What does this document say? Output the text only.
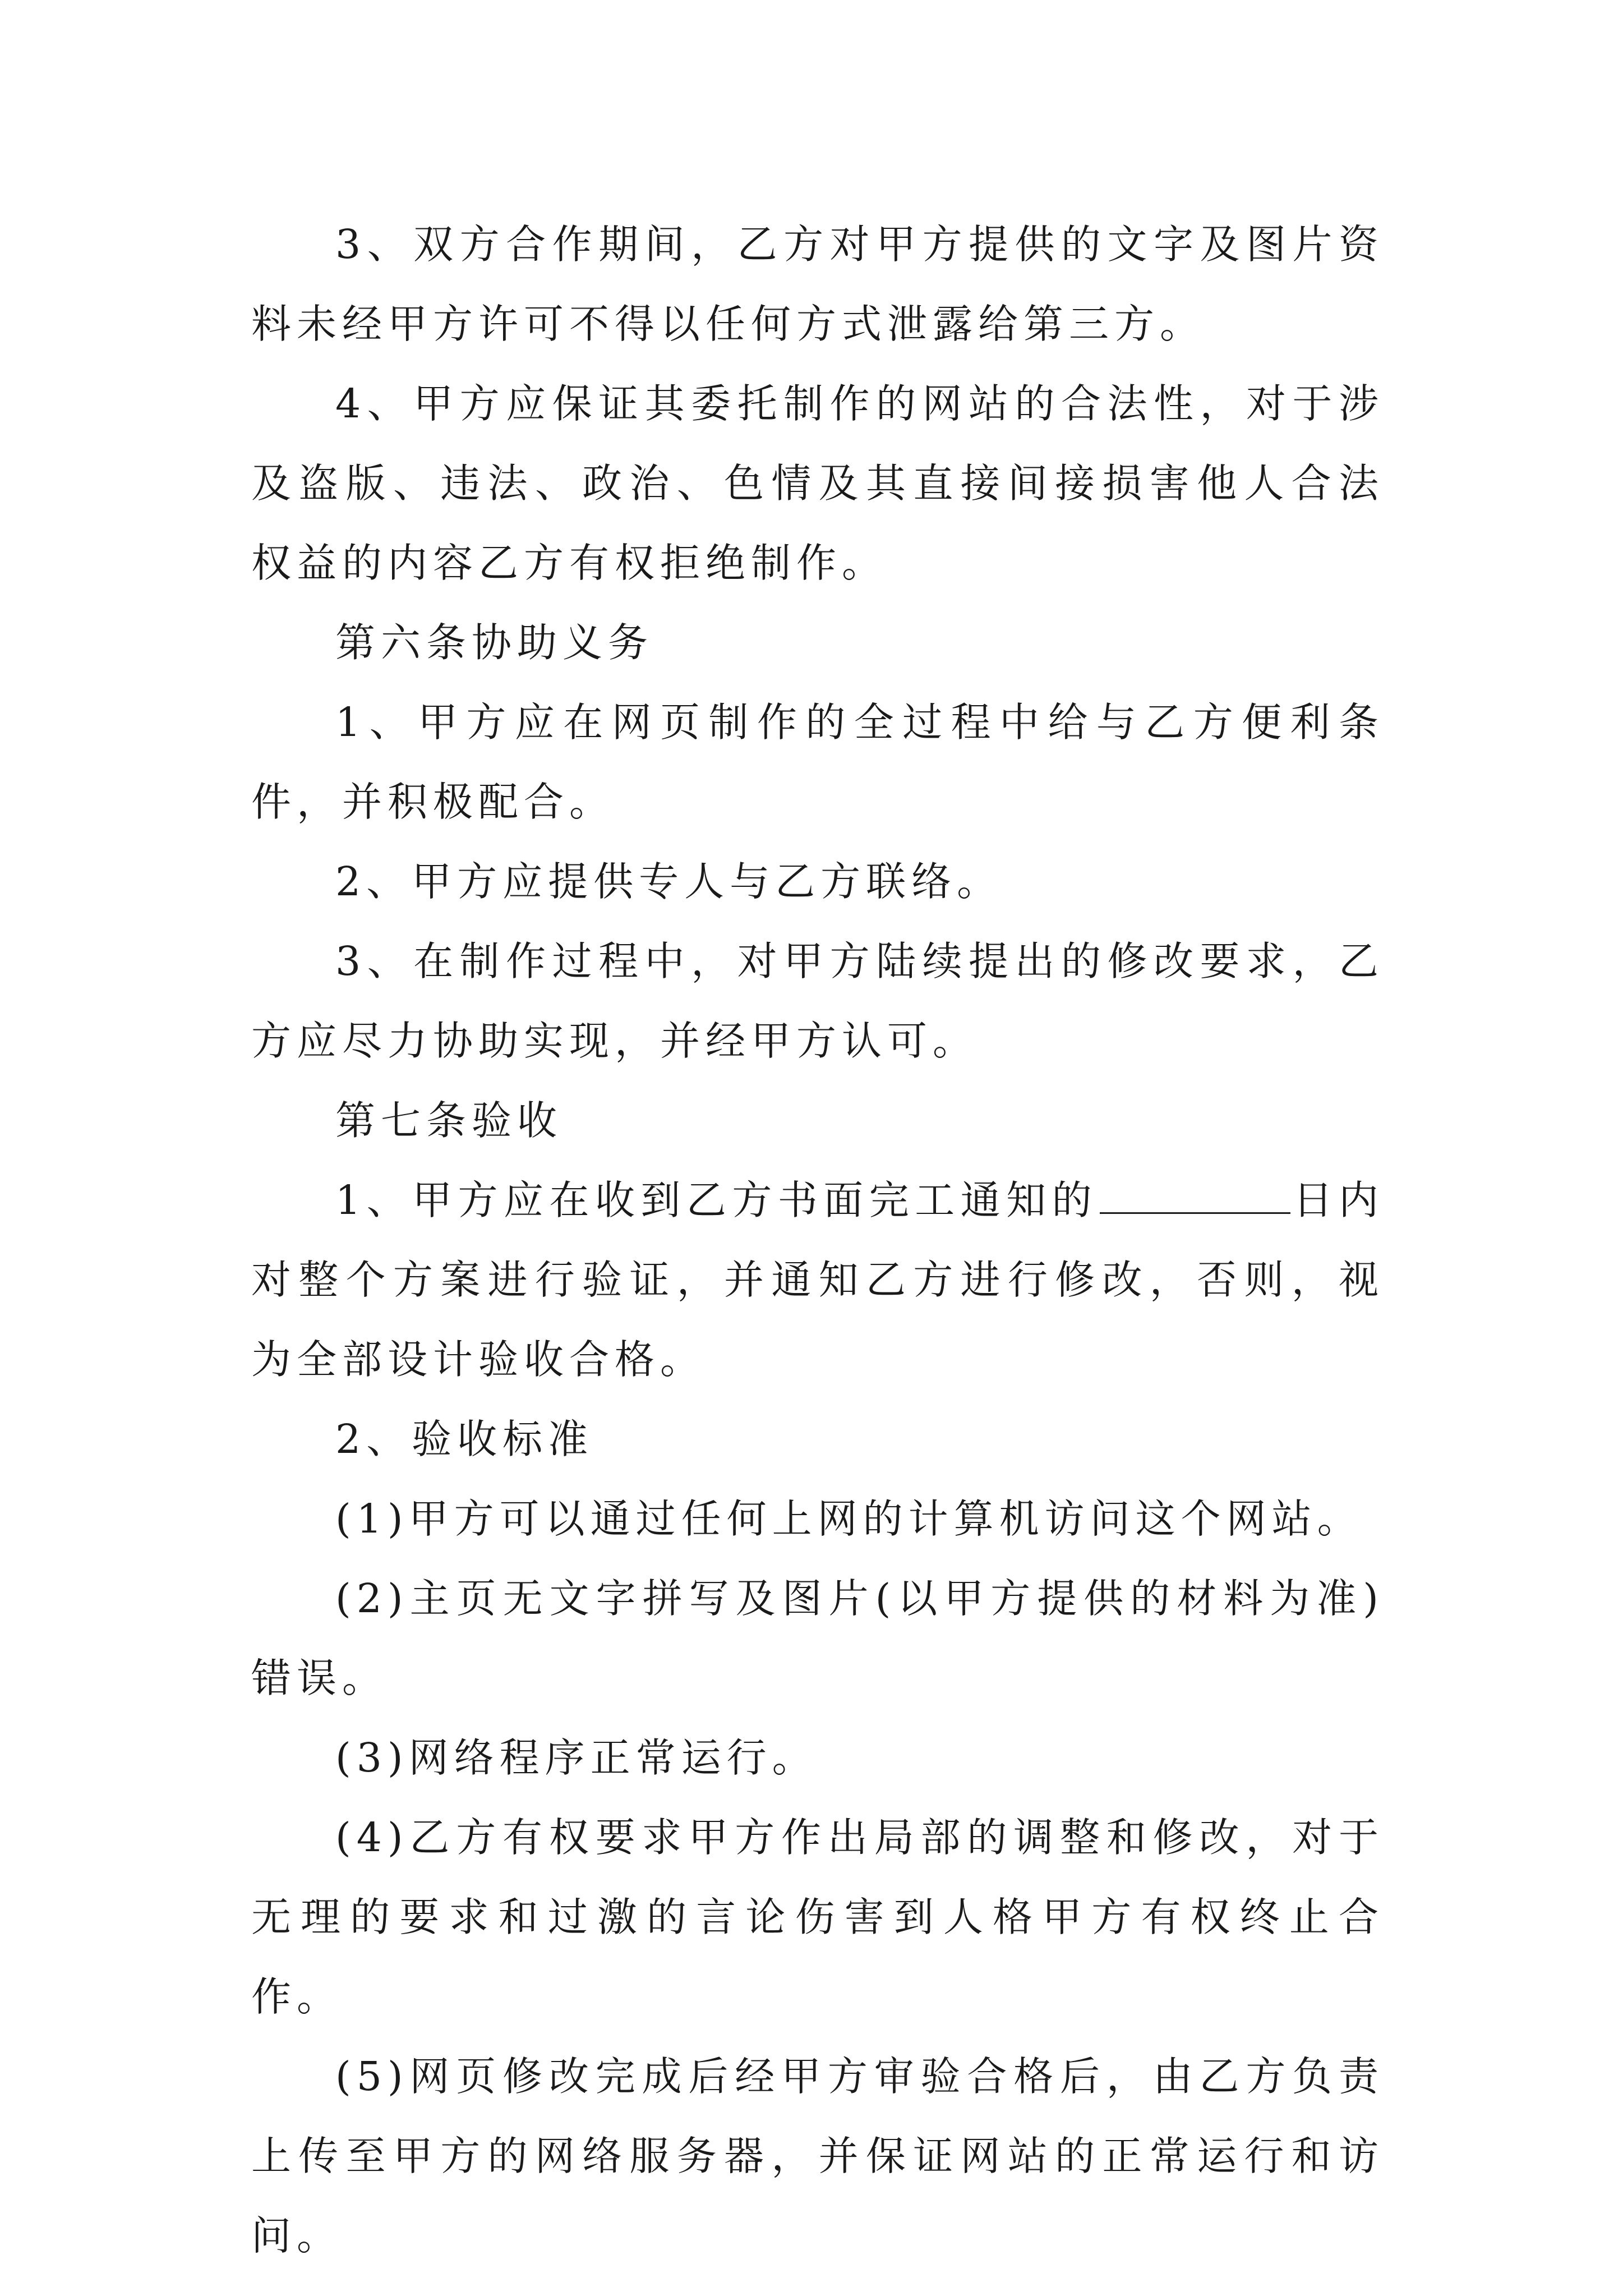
3、双方合作期间，乙方对甲方提供的文字及图片资料未经甲方许可不得以任何方式泄露给第三方。

4、甲方应保证其委托制作的网站的合法性，对于涉及盗版、违法、政治、色情及其直接间接损害他人合法权益的内容乙方有权拒绝制作。

第六条协助义务

1、甲方应在网页制作的全过程中给与乙方便利条件，并积极配合。

2、甲方应提供专人与乙方联络。

3、在制作过程中，对甲方陆续提出的修改要求，乙方应尽力协助实现，并经甲方认可。

第七条验收

1、甲方应在收到乙方书面完工通知的	日内对整个方案进行验证，并通知乙方进行修改，否则，视为全部设计验收合格。

2、验收标准

(1)甲方可以通过任何上网的计算机访问这个网站。

(2)主页无文字拼写及图片(以甲方提供的材料为准)错误。

(3)网络程序正常运行。

(4)乙方有权要求甲方作出局部的调整和修改，对于无理的要求和过激的言论伤害到人格甲方有权终止合作。

(5)网页修改完成后经甲方审验合格后，由乙方负责上传至甲方的网络服务器，并保证网站的正常运行和访问。
